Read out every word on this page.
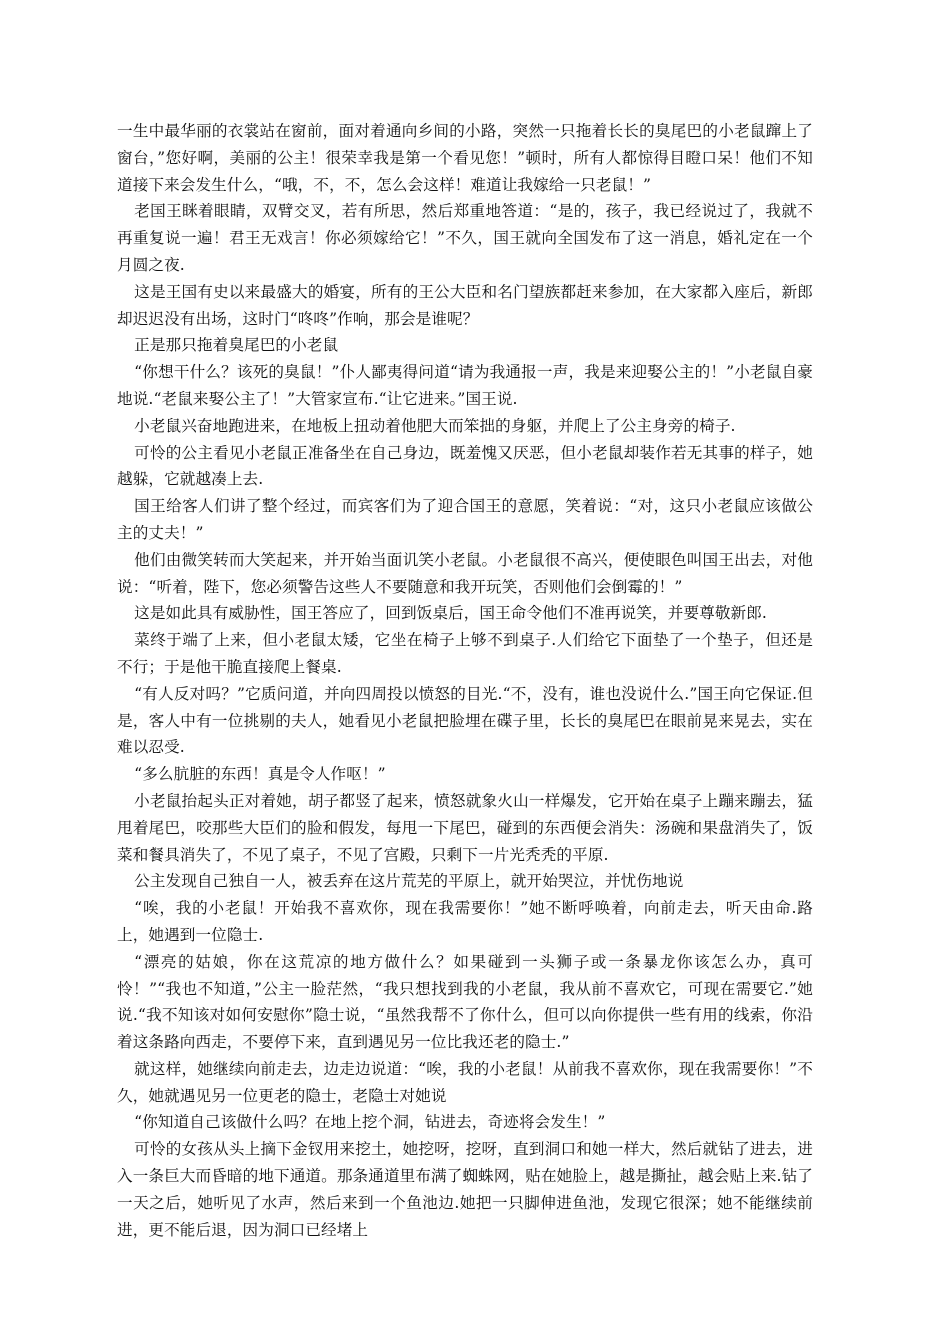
一生中最华丽的衣裳站在窗前，面对着通向乡间的小路，突然一只拖着长长的臭尾巴的小老鼠蹿上了窗台，”您好啊，美丽的公主！很荣幸我是第一个看见您！”顿时，所有人都惊得目瞪口呆！他们不知道接下来会发生什么，“哦，不，不，怎么会这样！难道让我嫁给一只老鼠！”

老国王眯着眼睛，双臂交叉，若有所思，然后郑重地答道：“是的，孩子，我已经说过了，我就不再重复说一遍！君王无戏言！你必须嫁给它！”不久，国王就向全国发布了这一消息，婚礼定在一个月圆之夜.

这是王国有史以来最盛大的婚宴，所有的王公大臣和名门望族都赶来参加，在大家都入座后，新郎却迟迟没有出场，这时门“咚咚”作响，那会是谁呢？

正是那只拖着臭尾巴的小老鼠

“你想干什么？该死的臭鼠！”仆人鄙夷得问道“请为我通报一声，我是来迎娶公主的！”小老鼠自豪地说.“老鼠来娶公主了！”大管家宣布.“让它进来。”国王说.

小老鼠兴奋地跑进来，在地板上扭动着他肥大而笨拙的身躯，并爬上了公主身旁的椅子.

可怜的公主看见小老鼠正准备坐在自己身边，既羞愧又厌恶，但小老鼠却装作若无其事的样子，她越躲，它就越凑上去.

国王给客人们讲了整个经过，而宾客们为了迎合国王的意愿，笑着说：“对，这只小老鼠应该做公主的丈夫！”

他们由微笑转而大笑起来，并开始当面讥笑小老鼠。小老鼠很不高兴，便使眼色叫国王出去，对他说：“听着，陛下，您必须警告这些人不要随意和我开玩笑，否则他们会倒霉的！”

这是如此具有威胁性，国王答应了，回到饭桌后，国王命令他们不准再说笑，并要尊敬新郎.

菜终于端了上来，但小老鼠太矮，它坐在椅子上够不到桌子.人们给它下面垫了一个垫子，但还是不行；于是他干脆直接爬上餐桌.

“有人反对吗？”它质问道，并向四周投以愤怒的目光.“不，没有，谁也没说什么.”国王向它保证.但是，客人中有一位挑剔的夫人，她看见小老鼠把脸埋在碟子里，长长的臭尾巴在眼前晃来晃去，实在难以忍受.

“多么肮脏的东西！真是令人作呕！”

小老鼠抬起头正对着她，胡子都竖了起来，愤怒就象火山一样爆发，它开始在桌子上蹦来蹦去，猛甩着尾巴，咬那些大臣们的脸和假发，每甩一下尾巴，碰到的东西便会消失：汤碗和果盘消失了，饭菜和餐具消失了，不见了桌子，不见了宫殿，只剩下一片光秃秃的平原.

公主发现自己独自一人，被丢弃在这片荒芜的平原上，就开始哭泣，并忧伤地说

“唉，我的小老鼠！开始我不喜欢你，现在我需要你！”她不断呼唤着，向前走去，听天由命.路上，她遇到一位隐士.

“漂亮的姑娘，你在这荒凉的地方做什么？如果碰到一头狮子或一条暴龙你该怎么办，真可怜！”“我也不知道，”公主一脸茫然，“我只想找到我的小老鼠，我从前不喜欢它，可现在需要它.”她说.“我不知该对如何安慰你”隐士说，“虽然我帮不了你什么，但可以向你提供一些有用的线索，你沿着这条路向西走，不要停下来，直到遇见另一位比我还老的隐士.”

就这样，她继续向前走去，边走边说道：“唉，我的小老鼠！从前我不喜欢你，现在我需要你！”不久，她就遇见另一位更老的隐士，老隐士对她说

“你知道自己该做什么吗？在地上挖个洞，钻进去，奇迹将会发生！”

可怜的女孩从头上摘下金钗用来挖土，她挖呀，挖呀，直到洞口和她一样大，然后就钻了进去，进入一条巨大而昏暗的地下通道。那条通道里布满了蜘蛛网，贴在她脸上，越是撕扯，越会贴上来.钻了一天之后，她听见了水声，然后来到一个鱼池边.她把一只脚伸进鱼池，发现它很深；她不能继续前进，更不能后退，因为洞口已经堵上
